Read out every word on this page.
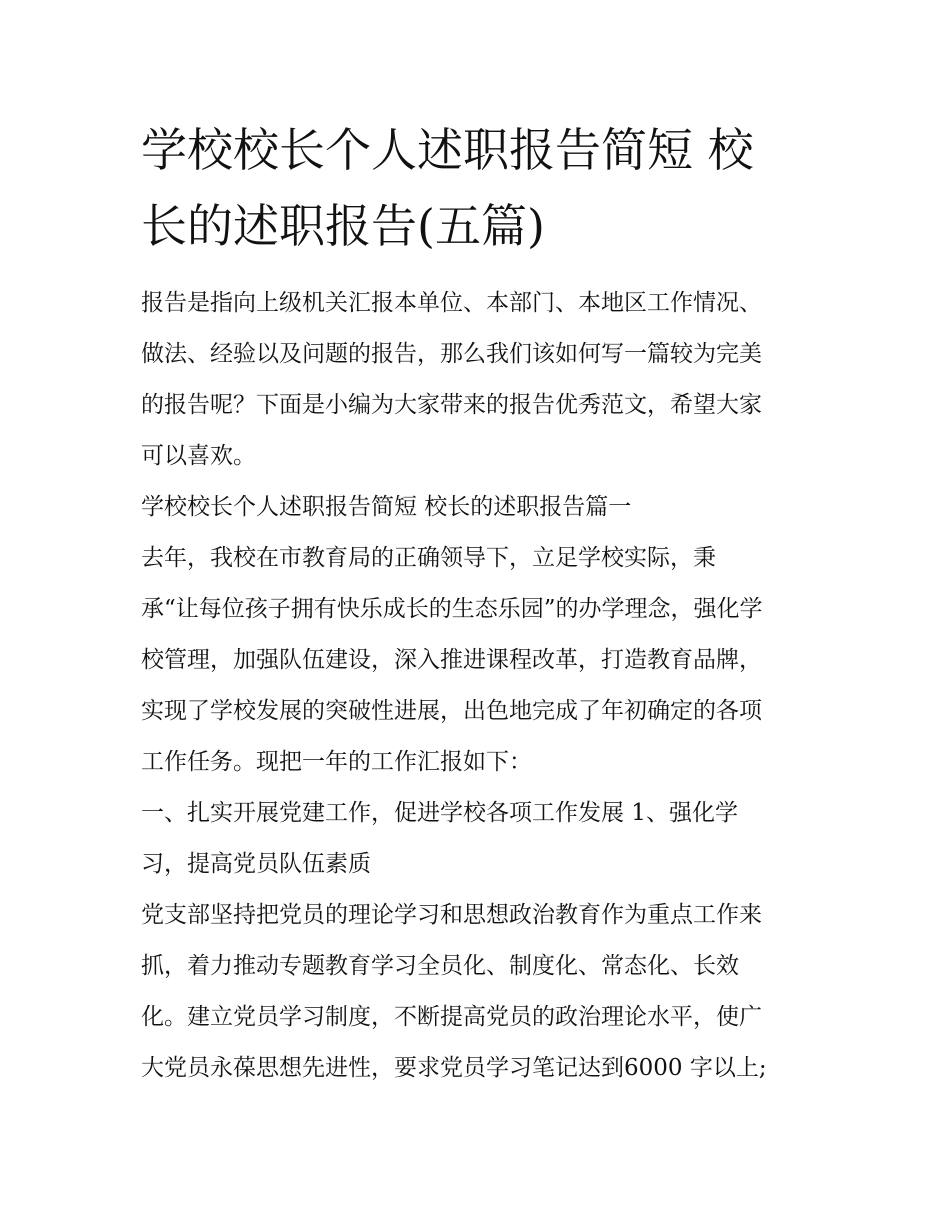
学校校长个人述职报告简短 校
长的述职报告(五篇)

报告是指向上级机关汇报本单位、本部门、本地区工作情况、
做法、经验以及问题的报告，那么我们该如何写一篇较为完美
的报告呢？下面是小编为大家带来的报告优秀范文，希望大家
可以喜欢。

学校校长个人述职报告简短 校长的述职报告篇一

去年，我校在市教育局的正确领导下，立足学校实际，秉
承“让每位孩子拥有快乐成长的生态乐园”的办学理念，强化学
校管理，加强队伍建设，深入推进课程改革，打造教育品牌，
实现了学校发展的突破性进展，出色地完成了年初确定的各项
工作任务。现把一年的工作汇报如下：

一、扎实开展党建工作，促进学校各项工作发展 1、强化学
习，提高党员队伍素质

党支部坚持把党员的理论学习和思想政治教育作为重点工作来
抓，着力推动专题教育学习全员化、制度化、常态化、长效
化。建立党员学习制度，不断提高党员的政治理论水平，使广
大党员永葆思想先进性，要求党员学习笔记达到6000 字以上;
